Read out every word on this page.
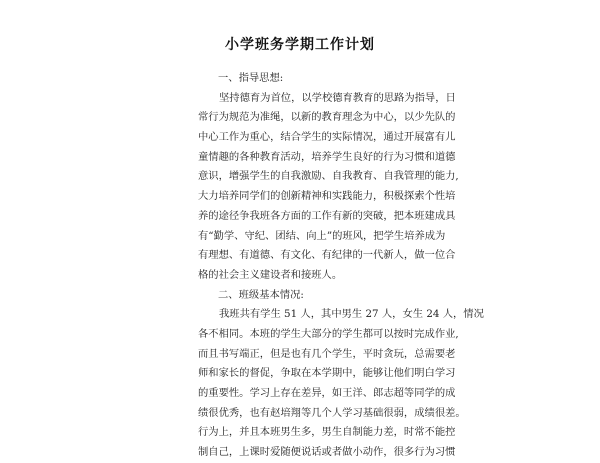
小学班务学期工作计划
一、指导思想:
坚持德育为首位，以学校德育教育的思路为指导，日
常行为规范为准绳，以新的教育理念为中心，以少先队的
中心工作为重心，结合学生的实际情况，通过开展富有儿
童情趣的各种教育活动，培养学生良好的行为习惯和道德
意识，增强学生的自我激励、自我教育、自我管理的能力,
大力培养同学们的创新精神和实践能力，积极探索个性培
养的途径争我班各方面的工作有新的突破，把本班建成具
有“勤学、守纪、团结、向上”的班风，把学生培养成为
有理想、有道德、有文化、有纪律的一代新人，做一位合
格的社会主义建设者和接班人。
二、班级基本情况:
我班共有学生 51 人，其中男生 27 人，女生 24 人，情况
各不相同。本班的学生大部分的学生都可以按时完成作业,
而且书写端正，但是也有几个学生，平时贪玩，总需要老
师和家长的督促，争取在本学期中，能够让他们明白学习
的重要性。学习上存在差异，如王洋、郎志超等同学的成
绩很优秀，也有赵培翔等几个人学习基础很弱，成绩很差。
行为上，并且本班男生多，男生自制能力差，时常不能控
制自己，上课时爱随便说话或者做小动作，很多行为习惯
